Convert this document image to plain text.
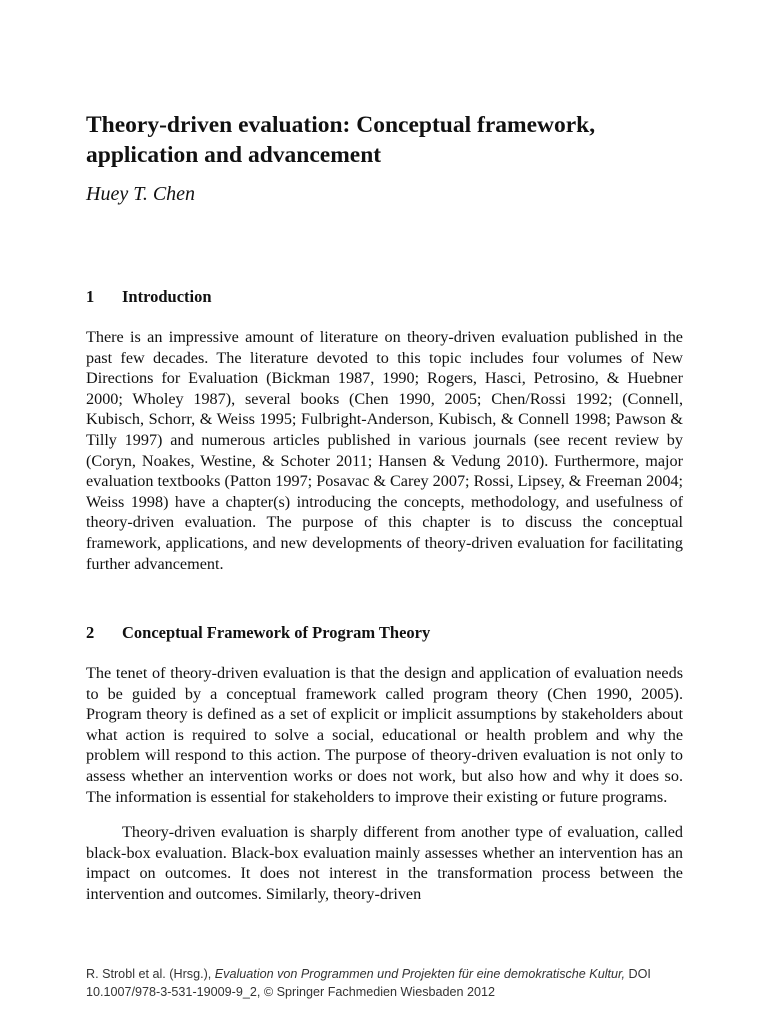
Theory-driven evaluation: Conceptual framework, application and advancement

Huey T. Chen

1 Introduction

There is an impressive amount of literature on theory-driven evaluation published in the past few decades. The literature devoted to this topic includes four volumes of New Directions for Evaluation (Bickman 1987, 1990; Rogers, Hasci, Petrosino, & Huebner 2000; Wholey 1987), several books (Chen 1990, 2005; Chen/Rossi 1992; (Connell, Kubisch, Schorr, & Weiss 1995; Fulbright-Anderson, Kubisch, & Connell 1998; Pawson & Tilly 1997) and numerous articles published in various journals (see recent review by (Coryn, Noakes, Westine, & Schoter 2011; Hansen & Vedung 2010). Furthermore, major evaluation textbooks (Patton 1997; Posavac & Carey 2007; Rossi, Lipsey, & Freeman 2004; Weiss 1998) have a chapter(s) introducing the concepts, methodology, and usefulness of theory-driven evaluation. The purpose of this chapter is to discuss the conceptual framework, applications, and new developments of theory-driven evaluation for facilitating further advancement.

2 Conceptual Framework of Program Theory

The tenet of theory-driven evaluation is that the design and application of evaluation needs to be guided by a conceptual framework called program theory (Chen 1990, 2005). Program theory is defined as a set of explicit or implicit assumptions by stakeholders about what action is required to solve a social, educational or health problem and why the problem will respond to this action. The purpose of theory-driven evaluation is not only to assess whether an intervention works or does not work, but also how and why it does so. The information is essential for stakeholders to improve their existing or future programs.

Theory-driven evaluation is sharply different from another type of evaluation, called black-box evaluation. Black-box evaluation mainly assesses whether an intervention has an impact on outcomes. It does not interest in the transformation process between the intervention and outcomes. Similarly, theory-driven

R. Strobl et al. (Hrsg.), Evaluation von Programmen und Projekten für eine demokratische Kultur, DOI 10.1007/978-3-531-19009-9_2, © Springer Fachmedien Wiesbaden 2012
